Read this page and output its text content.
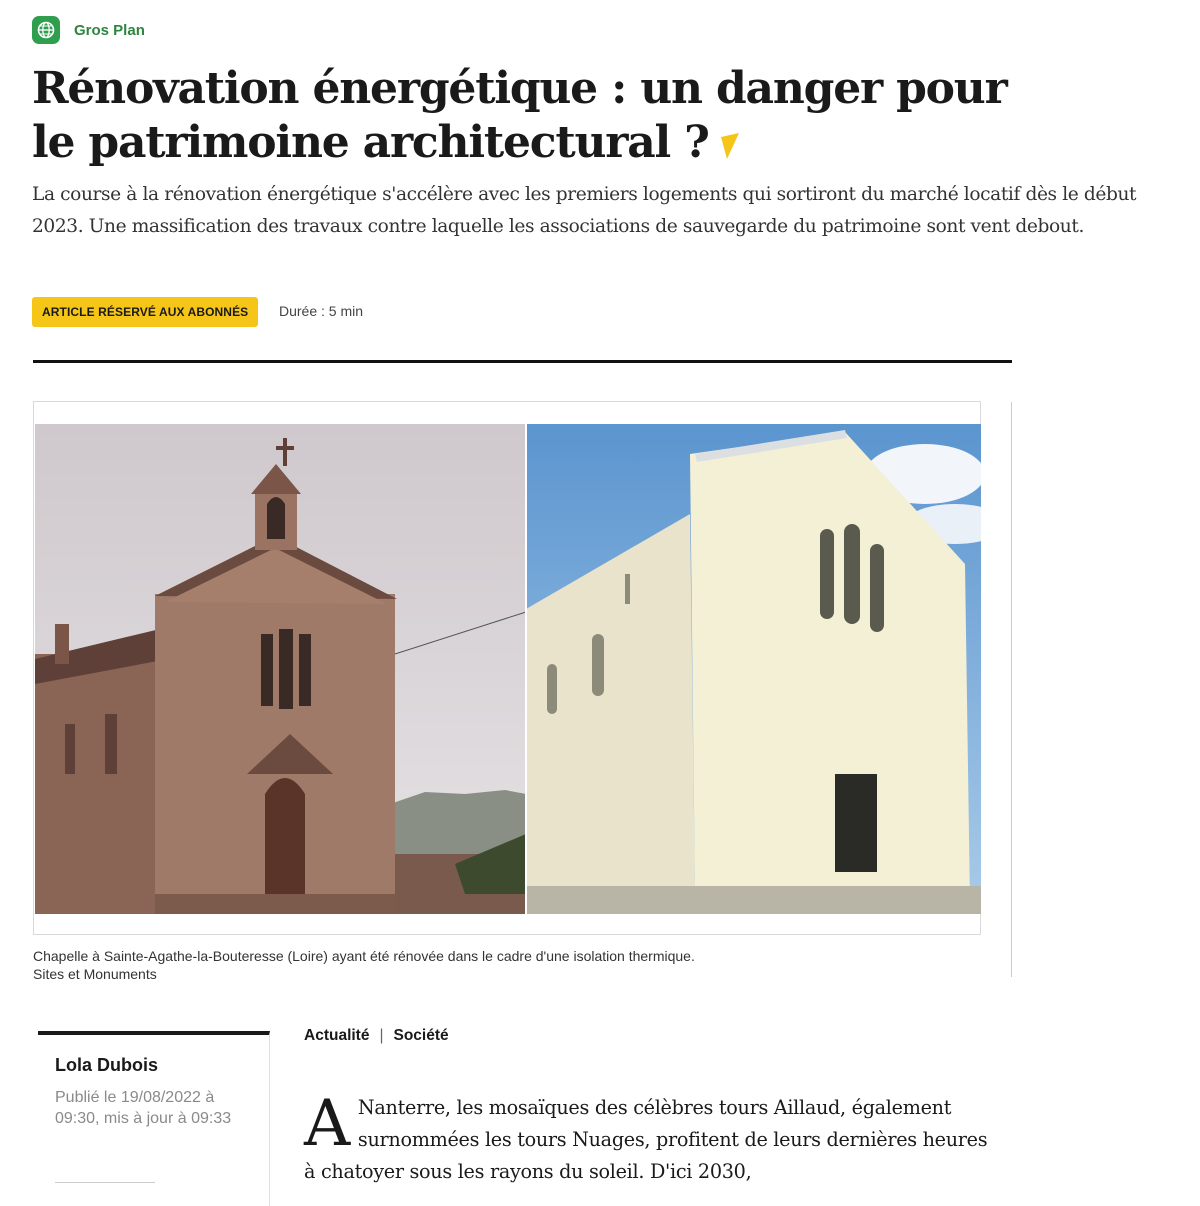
Gros Plan
Rénovation énergétique : un danger pour le patrimoine architectural ?

La course à la rénovation énergétique s'accélère avec les premiers logements qui sortiront du marché locatif dès le début 2023. Une massification des travaux contre laquelle les associations de sauvegarde du patrimoine sont vent debout.

ARTICLE RÉSERVÉ AUX ABONNÉS	Durée : 5 min
Chapelle à Sainte-Agathe-la-Bouteresse (Loire) ayant été rénovée dans le cadre d'une isolation thermique.
Sites et Monuments
Lola Dubois
Publié le 19/08/2022 à 09:30, mis à jour à 09:33
Actualité | Société

A Nanterre, les mosaïques des célèbres tours Aillaud, également surnommées les tours Nuages, profitent de leurs dernières heures à chatoyer sous les rayons du soleil. D'ici 2030,
